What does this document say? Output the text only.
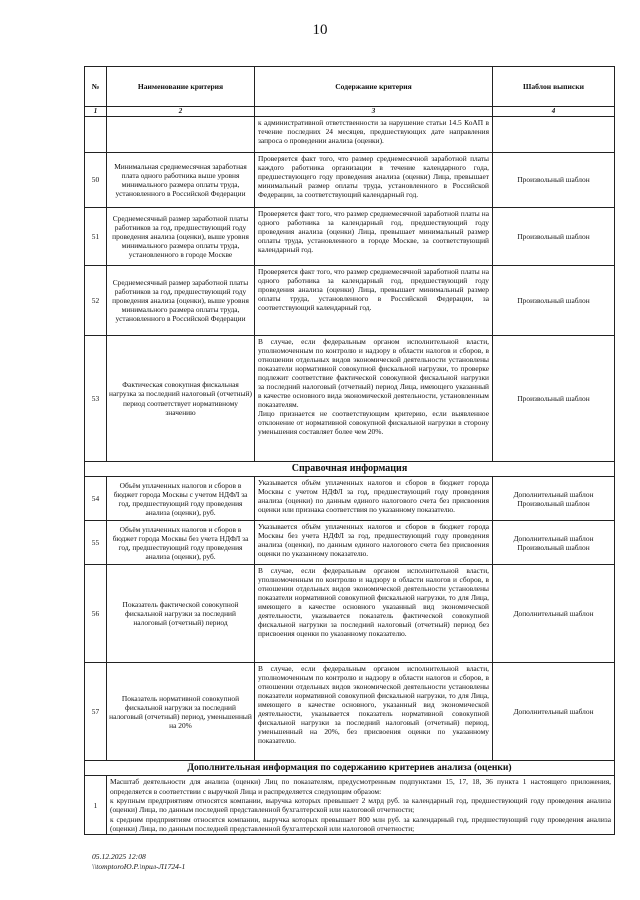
10
№	Наименование критерия	Содержание критерия	Шаблон выписки
1	2	3	4
		к административной ответственности за нарушение статьи 14.5 КоАП в течение последних 24 месяцев, предшествующих дате направления запроса о проведении анализа (оценки).	
50	Минимальная среднемесячная заработная плата одного работника выше уровня минимального размера оплаты труда, установленного в Российской Федерации	Проверяется факт того, что размер среднемесячной заработной платы каждого работника организации в течение календарного года, предшествующего году проведения анализа (оценки) Лица, превышает минимальный размер оплаты труда, установленного в Российской Федерации, за соответствующий календарный год.	Произвольный шаблон
51	Среднемесячный размер заработной платы работников за год, предшествующий году проведения анализа (оценки), выше уровня минимального размера оплаты труда, установленного в городе Москве	Проверяется факт того, что размер среднемесячной заработной платы на одного работника за календарный год, предшествующий году проведения анализа (оценки) Лица, превышает минимальный размер оплаты труда, установленного в городе Москве, за соответствующий календарный год.	Произвольный шаблон
52	Среднемесячный размер заработной платы работников за год, предшествующий году проведения анализа (оценки), выше уровня минимального размера оплаты труда, установленного в Российской Федерации	Проверяется факт того, что размер среднемесячной заработной платы на одного работника за календарный год, предшествующий году проведения анализа (оценки) Лица, превышает минимальный размер оплаты труда, установленного в Российской Федерации, за соответствующий календарный год.	Произвольный шаблон
53	Фактическая совокупная фискальная нагрузка за последний налоговый (отчетный) период соответствует нормативному значению	В случае, если федеральным органом исполнительной власти, уполномоченным по контролю и надзору в области налогов и сборов, в отношении отдельных видов экономической деятельности установлены показатели нормативной совокупной фискальной нагрузки, то проверке подлежит соответствие фактической совокупной фискальной нагрузки за последний налоговый (отчетный) период Лица, имеющего указанный в качестве основного вида экономической деятельности, установленным показателям.
Лицо признается не соответствующим критерию, если выявленное отклонение от нормативной совокупной фискальной нагрузки в сторону уменьшения составляет более чем 20%.	Произвольный шаблон
Справочная информация			
54	Объём уплаченных налогов и сборов в бюджет города Москвы с учетом НДФЛ за год, предшествующий году проведения анализа (оценки), руб.	Указывается объём уплаченных налогов и сборов в бюджет города Москвы с учетом НДФЛ за год, предшествующий году проведения анализа (оценки) по данным единого налогового счета без присвоения оценки или признака соответствия по указанному показателю.	Дополнительный шаблон Произвольный шаблон
55	Объём уплаченных налогов и сборов в бюджет города Москвы без учета НДФЛ за год, предшествующий году проведения анализа (оценки), руб.	Указывается объём уплаченных налогов и сборов в бюджет города Москвы без учета НДФЛ за год, предшествующий году проведения анализа (оценки), по данным единого налогового счета без присвоения оценки по указанному показателю.	Дополнительный шаблон Произвольный шаблон
56	Показатель фактической совокупной фискальной нагрузки за последний налоговый (отчетный) период	В случае, если федеральным органом исполнительной власти, уполномоченным по контролю и надзору в области налогов и сборов, в отношении отдельных видов экономической деятельности установлены показатели нормативной совокупной фискальной нагрузки, то для Лица, имеющего в качестве основного указанный вид экономической деятельности, указывается показатель фактической совокупной фискальной нагрузки за последний налоговый (отчетный) период без присвоения оценки по указанному показателю.	Дополнительный шаблон
57	Показатель нормативной совокупной фискальной нагрузки за последний налоговый (отчетный) период, уменьшенный на 20%	В случае, если федеральным органом исполнительной власти, уполномоченным по контролю и надзору в области налогов и сборов, в отношении отдельных видов экономической деятельности установлены показатели нормативной совокупной фискальной нагрузки, то для Лица, имеющего в качестве основного, указанный вид экономической деятельности, указывается показатель нормативной совокупной фискальной нагрузки за последний налоговый (отчетный) период, уменьшенный на 20%, без присвоения оценки по указанному показателю.	Дополнительный шаблон
Дополнительная информация по содержанию критериев анализа (оценки)			
1	Масштаб деятельности для анализа (оценки) Лиц по показателям, предусмотренным подпунктами 15, 17, 18, 36 пункта 1 настоящего приложения, определяется в соответствии с выручкой Лица и распределяется следующим образом:
к крупным предприятиям относятся компании, выручка которых превышает 2 млрд руб. за календарный год, предшествующий году проведения анализа (оценки) Лица, по данным последней представленной бухгалтерской или налоговой отчетности;
к средним предприятиям относятся компании, выручка которых превышает 800 млн руб. за календарный год, предшествующий году проведения анализа (оценки) Лица, по данным последней представленной бухгалтерской или налоговой отчетности;		
05.12.2025 12:08
\\tomptoroЮ.Р.\прил-Л1724-1
